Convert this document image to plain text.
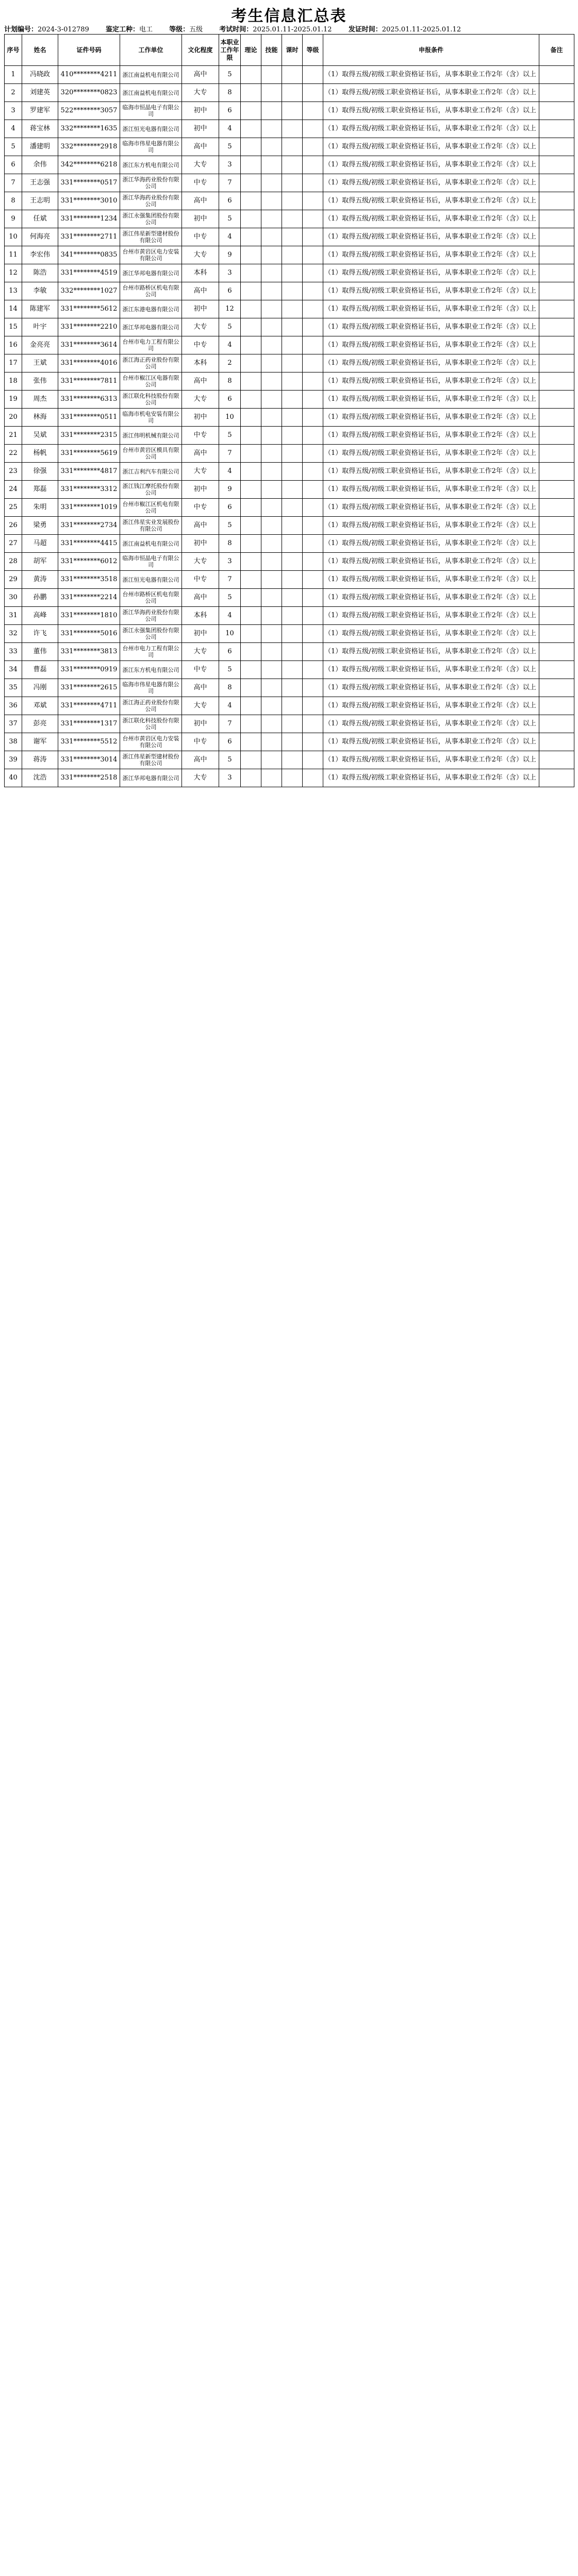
考生信息汇总表
计划编号：2024-3-012789 鉴定工种：电工 等级：五级 考试时间：2025.01.11-2025.01.12 发证时间：2025.01.11-2025.01.12
序号	姓名	证件号码	工作单位	文化程度	本职业工作年限	理论	技能	课时	等级	申报条件	备注
1	冯晓政	410********4211	浙江南益机电有限公司	高中	5					（1）取得五级/初级工职业资格证书后，从事本职业工作2年（含）以上	
2	刘建英	320********0823	浙江南益机电有限公司	大专	8					（1）取得五级/初级工职业资格证书后，从事本职业工作2年（含）以上	
3	罗建军	522********3057	临海市恒晶电子有限公司	初中	6					（1）取得五级/初级工职业资格证书后，从事本职业工作2年（含）以上	
4	蒋宝林	332********1635	浙江恒光电器有限公司	初中	4					（1）取得五级/初级工职业资格证书后，从事本职业工作2年（含）以上	
5	潘建明	332********2918	临海市伟星电器有限公司	高中	5					（1）取得五级/初级工职业资格证书后，从事本职业工作2年（含）以上	
6	余伟	342********6218	浙江东方机电有限公司	大专	3					（1）取得五级/初级工职业资格证书后，从事本职业工作2年（含）以上	
7	王志强	331********0517	浙江华海药业股份有限公司	中专	7					（1）取得五级/初级工职业资格证书后，从事本职业工作2年（含）以上	
8	王志明	331********3010	浙江华海药业股份有限公司	高中	6					（1）取得五级/初级工职业资格证书后，从事本职业工作2年（含）以上	
9	任斌	331********1234	浙江永强集团股份有限公司	初中	5					（1）取得五级/初级工职业资格证书后，从事本职业工作2年（含）以上	
10	何海亮	331********2711	浙江伟星新型建材股份有限公司	中专	4					（1）取得五级/初级工职业资格证书后，从事本职业工作2年（含）以上	
11	李宏伟	341********0835	台州市黄岩区电力安装有限公司	大专	9					（1）取得五级/初级工职业资格证书后，从事本职业工作2年（含）以上	
12	陈浩	331********4519	浙江华邦电器有限公司	本科	3					（1）取得五级/初级工职业资格证书后，从事本职业工作2年（含）以上	
13	李敏	332********1027	台州市路桥区机电有限公司	高中	6					（1）取得五级/初级工职业资格证书后，从事本职业工作2年（含）以上	
14	陈建军	331********5612	浙江东港电器有限公司	初中	12					（1）取得五级/初级工职业资格证书后，从事本职业工作2年（含）以上	
15	叶宇	331********2210	浙江华邦电器有限公司	大专	5					（1）取得五级/初级工职业资格证书后，从事本职业工作2年（含）以上	
16	金亮亮	331********3614	台州市电力工程有限公司	中专	4					（1）取得五级/初级工职业资格证书后，从事本职业工作2年（含）以上	
17	王斌	331********4016	浙江海正药业股份有限公司	本科	2					（1）取得五级/初级工职业资格证书后，从事本职业工作2年（含）以上	
18	张伟	331********7811	台州市椒江区电器有限公司	高中	8					（1）取得五级/初级工职业资格证书后，从事本职业工作2年（含）以上	
19	周杰	331********6313	浙江联化科技股份有限公司	大专	6					（1）取得五级/初级工职业资格证书后，从事本职业工作2年（含）以上	
20	林海	331********0511	临海市机电安装有限公司	初中	10					（1）取得五级/初级工职业资格证书后，从事本职业工作2年（含）以上	
21	吴斌	331********2315	浙江伟明机械有限公司	中专	5					（1）取得五级/初级工职业资格证书后，从事本职业工作2年（含）以上	
22	杨帆	331********5619	台州市黄岩区模具有限公司	高中	7					（1）取得五级/初级工职业资格证书后，从事本职业工作2年（含）以上	
23	徐强	331********4817	浙江吉利汽车有限公司	大专	4					（1）取得五级/初级工职业资格证书后，从事本职业工作2年（含）以上	
24	郑磊	331********3312	浙江钱江摩托股份有限公司	初中	9					（1）取得五级/初级工职业资格证书后，从事本职业工作2年（含）以上	
25	朱明	331********1019	台州市椒江区机电有限公司	中专	6					（1）取得五级/初级工职业资格证书后，从事本职业工作2年（含）以上	
26	梁勇	331********2734	浙江伟星实业发展股份有限公司	高中	5					（1）取得五级/初级工职业资格证书后，从事本职业工作2年（含）以上	
27	马超	331********4415	浙江南益机电有限公司	初中	8					（1）取得五级/初级工职业资格证书后，从事本职业工作2年（含）以上	
28	胡军	331********6012	临海市恒晶电子有限公司	大专	3					（1）取得五级/初级工职业资格证书后，从事本职业工作2年（含）以上	
29	黄涛	331********3518	浙江恒光电器有限公司	中专	7					（1）取得五级/初级工职业资格证书后，从事本职业工作2年（含）以上	
30	孙鹏	331********2214	台州市路桥区机电有限公司	高中	5					（1）取得五级/初级工职业资格证书后，从事本职业工作2年（含）以上	
31	高峰	331********1810	浙江华海药业股份有限公司	本科	4					（1）取得五级/初级工职业资格证书后，从事本职业工作2年（含）以上	
32	许飞	331********5016	浙江永强集团股份有限公司	初中	10					（1）取得五级/初级工职业资格证书后，从事本职业工作2年（含）以上	
33	董伟	331********3813	台州市电力工程有限公司	大专	6					（1）取得五级/初级工职业资格证书后，从事本职业工作2年（含）以上	
34	曹磊	331********0919	浙江东方机电有限公司	中专	5					（1）取得五级/初级工职业资格证书后，从事本职业工作2年（含）以上	
35	冯刚	331********2615	临海市伟星电器有限公司	高中	8					（1）取得五级/初级工职业资格证书后，从事本职业工作2年（含）以上	
36	邓斌	331********4711	浙江海正药业股份有限公司	大专	4					（1）取得五级/初级工职业资格证书后，从事本职业工作2年（含）以上	
37	彭亮	331********1317	浙江联化科技股份有限公司	初中	7					（1）取得五级/初级工职业资格证书后，从事本职业工作2年（含）以上	
38	谢军	331********5512	台州市黄岩区电力安装有限公司	中专	6					（1）取得五级/初级工职业资格证书后，从事本职业工作2年（含）以上	
39	蒋涛	331********3014	浙江伟星新型建材股份有限公司	高中	5					（1）取得五级/初级工职业资格证书后，从事本职业工作2年（含）以上	
40	沈浩	331********2518	浙江华邦电器有限公司	大专	3					（1）取得五级/初级工职业资格证书后，从事本职业工作2年（含）以上	
